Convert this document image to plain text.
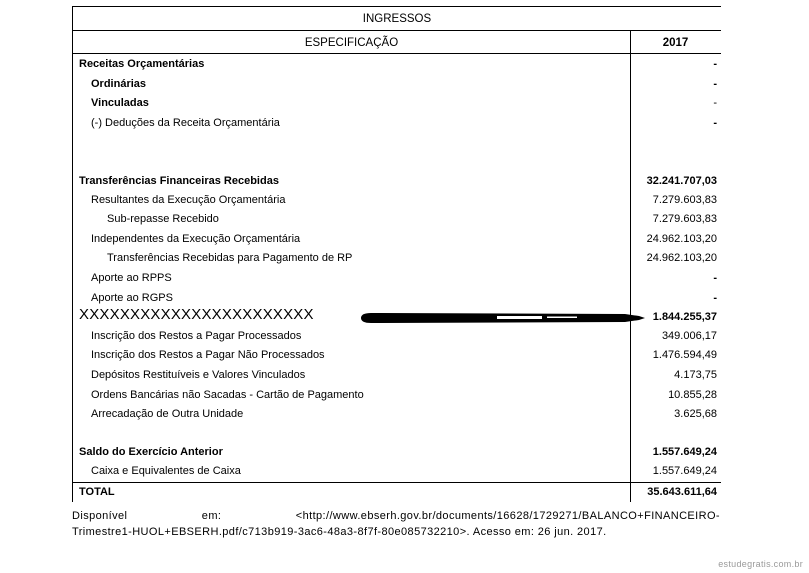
INGRESSOS
ESPECIFICAÇÃO	2017
Receitas Orçamentárias	-
Ordinárias	-
Vinculadas	-
(-) Deduções da Receita Orçamentária	-
Transferências Financeiras Recebidas	32.241.707,03
Resultantes da Execução Orçamentária	7.279.603,83
Sub-repasse Recebido	7.279.603,83
Independentes da Execução Orçamentária	24.962.103,20
Transferências Recebidas para Pagamento de RP	24.962.103,20
Aporte ao RPPS	-
Aporte ao RGPS	-
XXXXXXXXXXXXXXXXXXXXXXX	1.844.255,37
Inscrição dos Restos a Pagar Processados	349.006,17
Inscrição dos Restos a Pagar Não Processados	1.476.594,49
Depósitos Restituíveis e Valores Vinculados	4.173,75
Ordens Bancárias não Sacadas - Cartão de Pagamento	10.855,28
Arrecadação de Outra Unidade	3.625,68
Saldo do Exercício Anterior	1.557.649,24
Caixa e Equivalentes de Caixa	1.557.649,24
TOTAL	35.643.611,64
Disponível	em:	<http://www.ebserh.gov.br/documents/16628/1729271/BALANCO+FINANCEIRO-
Trimestre1-HUOL+EBSERH.pdf/c713b919-3ac6-48a3-8f7f-80e085732210>. Acesso em: 26 jun. 2017.
estudegratis.com.br
